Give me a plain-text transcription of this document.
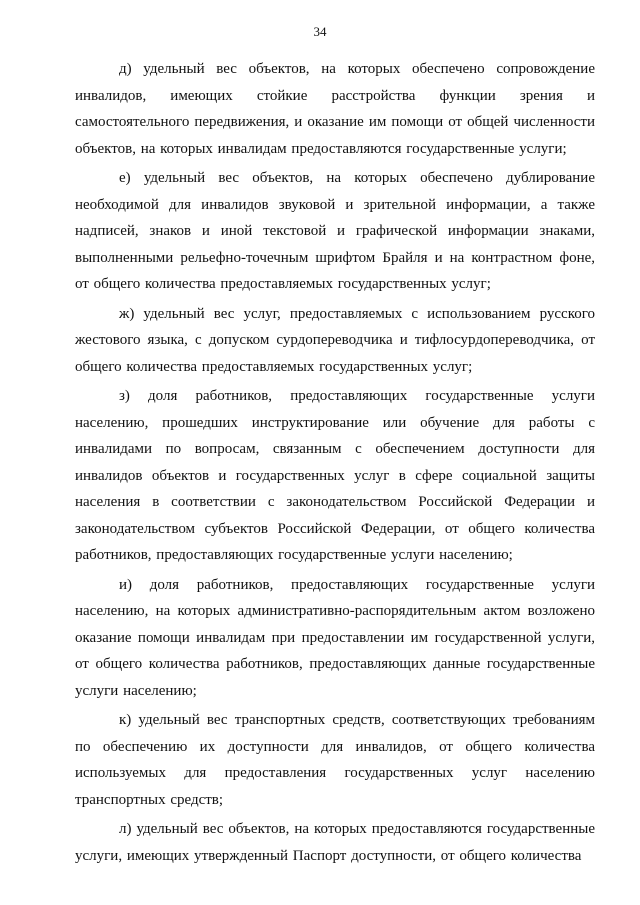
34

д) удельный вес объектов, на которых обеспечено сопровождение инвалидов, имеющих стойкие расстройства функции зрения и самостоятельного передвижения, и оказание им помощи от общей численности объектов, на которых инвалидам предоставляются государственные услуги;

е) удельный вес объектов, на которых обеспечено дублирование необходимой для инвалидов звуковой и зрительной информации, а также надписей, знаков и иной текстовой и графической информации знаками, выполненными рельефно-точечным шрифтом Брайля и на контрастном фоне, от общего количества предоставляемых государственных услуг;

ж) удельный вес услуг, предоставляемых с использованием русского жестового языка, с допуском сурдопереводчика и тифлосурдопереводчика, от общего количества предоставляемых государственных услуг;

з) доля работников, предоставляющих государственные услуги населению, прошедших инструктирование или обучение для работы с инвалидами по вопросам, связанным с обеспечением доступности для инвалидов объектов и государственных услуг в сфере социальной защиты населения в соответствии с законодательством Российской Федерации и законодательством субъектов Российской Федерации, от общего количества работников, предоставляющих государственные услуги населению;

и) доля работников, предоставляющих государственные услуги населению, на которых административно-распорядительным актом возложено оказание помощи инвалидам при предоставлении им государственной услуги, от общего количества работников, предоставляющих данные государственные услуги населению;

к) удельный вес транспортных средств, соответствующих требованиям по обеспечению их доступности для инвалидов, от общего количества используемых для предоставления государственных услуг населению транспортных средств;

л) удельный вес объектов, на которых предоставляются государственные услуги, имеющих утвержденный Паспорт доступности, от общего количества
